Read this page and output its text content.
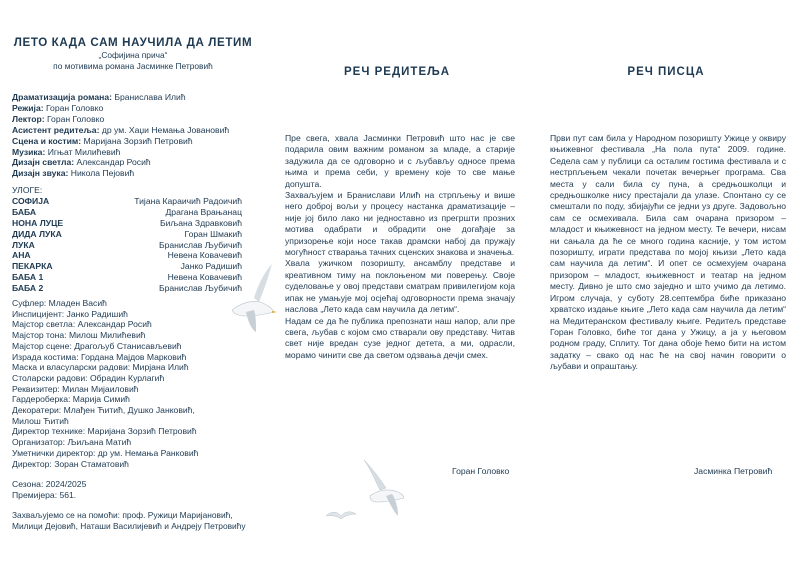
ЛЕТО КАДА САМ НАУЧИЛА ДА ЛЕТИМ
„Софијина прича“
по мотивима романа Јасминке Петровић
Драматизација романа: Бранислава Илић
Режија: Горан Головко
Лектор: Горан Головко
Асистент редитеља: др ум. Хаџи Немања Јовановић
Сцена и костим: Маријана Зорзић Петровић
Музика: Игњат Милићевић
Дизајн светла: Александар Росић
Дизајн звука: Никола Пејовић
УЛОГЕ:
СОФИЈА	Тијана Караичић Радоичић
БАБА	Драгана Врањанац
НОНА ЛУЦЕ	Биљана Здравковић
ДИДА ЛУКА	Горан Шмакић
ЛУКА	Бранислав Љубичић
АНА	Невена Ковачевић
ПЕКАРКА	Јанко Радишић
БАБА 1	Невена Ковачевић
БАБА 2	Бранислав Љубичић
Суфлер: Младен Васић
Инспицијент: Јанко Радишић
Мајстор светла: Александар Росић
Мајстор тона: Милош Милићевић
Мајстор сцене: Драгољуб Станисављевић
Израда костима: Гордана Мајдов Марковић
Маска и власуларски радови: Мирјана Илић
Столарски радови: Обрадин Курлагић
Реквизитер: Милан Мијаиловић
Гардероберка: Марија Симић
Декоратери: Млађен Ћитић, Душко Јанковић,
Милош Ћитић
Директор технике: Маријана Зорзић Петровић
Организатор: Љиљана Матић
Уметнички директор: др ум. Немања Ранковић
Директор: Зоран Стаматовић
Сезона: 2024/2025
Премијера: 561.
Захваљујемо се на помоћи: проф. Ружици Маријановић, Милици Дејовић, Наташи Василијевић и Андреју Петровићу
РЕЧ РЕДИТЕЉА

Пре свега, хвала Јасминки Петровић што нас је све подарила овим важним романом за младе, а старије задужила да се одговорно и с љубављу односе према њима и према себи, у времену које то све мање допушта.

Захваљујем и Бранислави Илић на стрпљењу и више него доброј вољи у процесу настанка драматизације – није јој било лако ни једноставно из прегршти прозних мотива одабрати и обрадити оне догађаје за упризорење који носе такав драмски набој да пружају могућност стварања тачних сценских знакова и значења.

Хвала ужичком позоришту, ансамблу представе и креативном тиму на поклоњеном ми поверењу. Своје суделовање у овој представи сматрам привилегијом која ипак не умањује мој осјећај одговорности према значају наслова „Лето када сам научила да летим“.

Надам се да ће публика препознати наш напор, али пре свега, љубав с којом смо стварали ову представу. Читав свет није вредан сузе једног детета, а ми, одрасли, морамо чинити све да светом одзвања дечји смех.

Горан Головко
РЕЧ ПИСЦА

Први пут сам била у Народном позоришту Ужице у оквиру књижевног фестивала „На пола пута“ 2009. године. Седела сам у публици са осталим гостима фестивала и с нестрпљењем чекали почетак вечерњег програма. Сва места у сали била су пуна, а средњошколци и средњошколке нису престајали да улазе. Спонтано су се смештали по поду, збијајући се једни уз друге. Задовољно сам се осмехивала. Била сам очарана призором – младост и књижевност на једном месту. Те вечери, нисам ни сањала да ће се много година касније, у том истом позоришту, играти представа по мојој књизи „Лето када сам научила да летим“. И опет се осмехујем очарана призором – младост, књижевност и театар на једном месту. Дивно је што смо заједно и што учимо да летимо. Игром случаја, у суботу 28.септембра биће приказано хрватско издање књиге „Лето када сам научила да летим“ на Медитеранском фестивалу књиге. Редитељ представе Горан Головко, биће тог дана у Ужицу, а ја у његовом родном граду, Сплиту. Тог дана обоје ћемо бити на истом задатку – свако од нас ће на свој начин говорити о љубави и опраштању.

Јасминка Петровић
